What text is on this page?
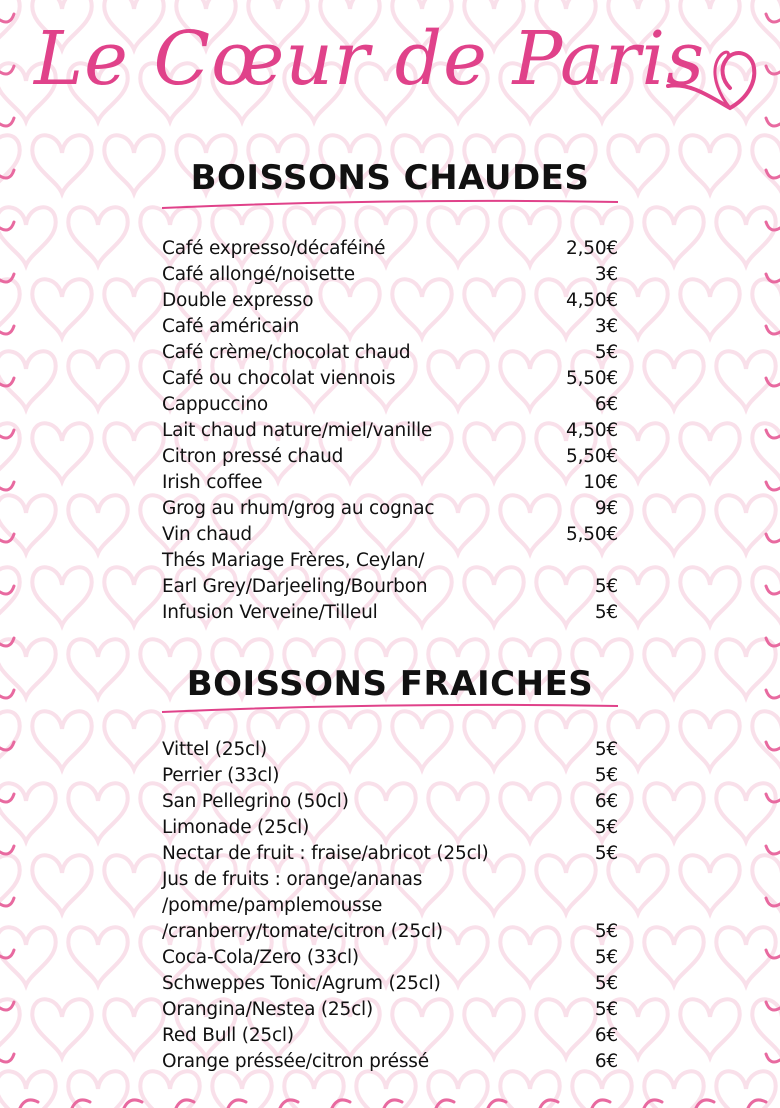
Le Cœur de Paris
BOISSONS CHAUDES
Café expresso/décaféiné	2,50€
Café allongé/noisette	3€
Double expresso	4,50€
Café américain	3€
Café crème/chocolat chaud	5€
Café ou chocolat viennois	5,50€
Cappuccino	6€
Lait chaud nature/miel/vanille	4,50€
Citron pressé chaud	5,50€
Irish coffee	10€
Grog au rhum/grog au cognac	9€
Vin chaud	5,50€
Thés Mariage Frères, Ceylan/
Earl Grey/Darjeeling/Bourbon	5€
Infusion Verveine/Tilleul	5€
BOISSONS FRAICHES
Vittel (25cl)	5€
Perrier (33cl)	5€
San Pellegrino (50cl)	6€
Limonade (25cl)	5€
Nectar de fruit : fraise/abricot (25cl)	5€
Jus de fruits : orange/ananas
/pomme/pamplemousse
/cranberry/tomate/citron (25cl)	5€
Coca-Cola/Zero (33cl)	5€
Schweppes Tonic/Agrum (25cl)	5€
Orangina/Nestea (25cl)	5€
Red Bull (25cl)	6€
Orange préssée/citron préssé	6€
